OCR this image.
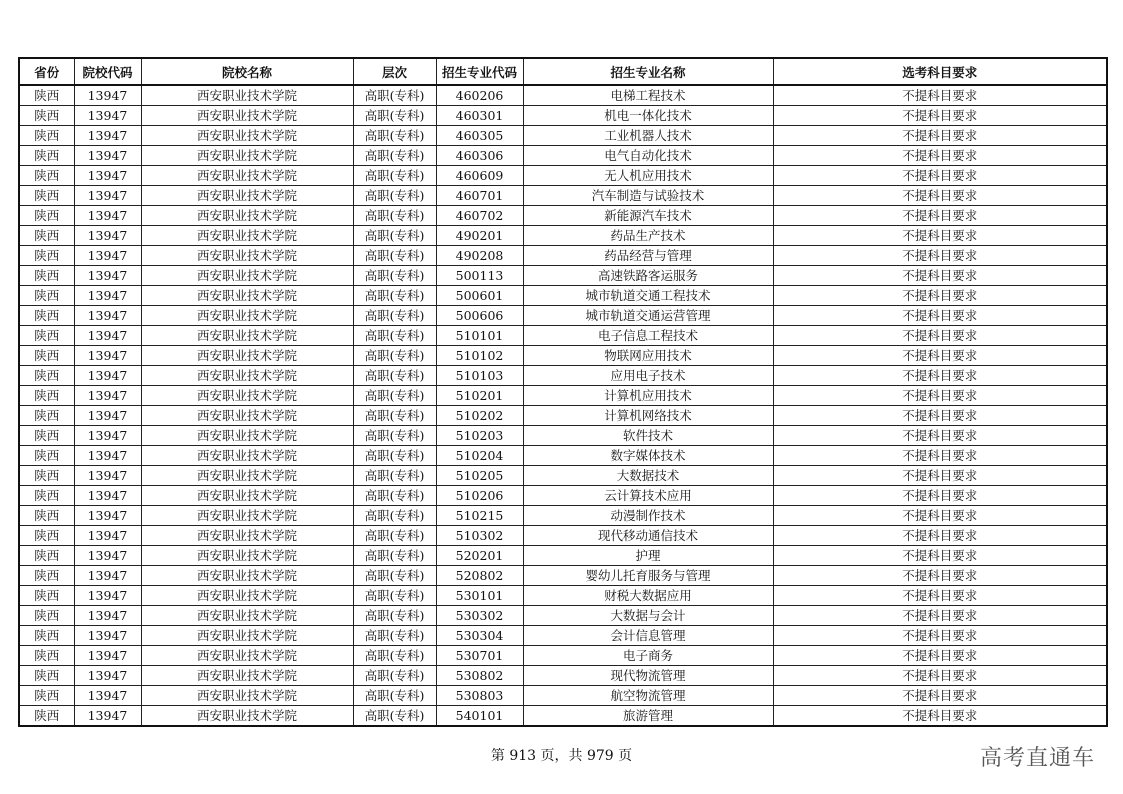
省份	院校代码	院校名称	层次	招生专业代码	招生专业名称	选考科目要求
陕西	13947	西安职业技术学院	高职(专科)	460206	电梯工程技术	不提科目要求
陕西	13947	西安职业技术学院	高职(专科)	460301	机电一体化技术	不提科目要求
陕西	13947	西安职业技术学院	高职(专科)	460305	工业机器人技术	不提科目要求
陕西	13947	西安职业技术学院	高职(专科)	460306	电气自动化技术	不提科目要求
陕西	13947	西安职业技术学院	高职(专科)	460609	无人机应用技术	不提科目要求
陕西	13947	西安职业技术学院	高职(专科)	460701	汽车制造与试验技术	不提科目要求
陕西	13947	西安职业技术学院	高职(专科)	460702	新能源汽车技术	不提科目要求
陕西	13947	西安职业技术学院	高职(专科)	490201	药品生产技术	不提科目要求
陕西	13947	西安职业技术学院	高职(专科)	490208	药品经营与管理	不提科目要求
陕西	13947	西安职业技术学院	高职(专科)	500113	高速铁路客运服务	不提科目要求
陕西	13947	西安职业技术学院	高职(专科)	500601	城市轨道交通工程技术	不提科目要求
陕西	13947	西安职业技术学院	高职(专科)	500606	城市轨道交通运营管理	不提科目要求
陕西	13947	西安职业技术学院	高职(专科)	510101	电子信息工程技术	不提科目要求
陕西	13947	西安职业技术学院	高职(专科)	510102	物联网应用技术	不提科目要求
陕西	13947	西安职业技术学院	高职(专科)	510103	应用电子技术	不提科目要求
陕西	13947	西安职业技术学院	高职(专科)	510201	计算机应用技术	不提科目要求
陕西	13947	西安职业技术学院	高职(专科)	510202	计算机网络技术	不提科目要求
陕西	13947	西安职业技术学院	高职(专科)	510203	软件技术	不提科目要求
陕西	13947	西安职业技术学院	高职(专科)	510204	数字媒体技术	不提科目要求
陕西	13947	西安职业技术学院	高职(专科)	510205	大数据技术	不提科目要求
陕西	13947	西安职业技术学院	高职(专科)	510206	云计算技术应用	不提科目要求
陕西	13947	西安职业技术学院	高职(专科)	510215	动漫制作技术	不提科目要求
陕西	13947	西安职业技术学院	高职(专科)	510302	现代移动通信技术	不提科目要求
陕西	13947	西安职业技术学院	高职(专科)	520201	护理	不提科目要求
陕西	13947	西安职业技术学院	高职(专科)	520802	婴幼儿托育服务与管理	不提科目要求
陕西	13947	西安职业技术学院	高职(专科)	530101	财税大数据应用	不提科目要求
陕西	13947	西安职业技术学院	高职(专科)	530302	大数据与会计	不提科目要求
陕西	13947	西安职业技术学院	高职(专科)	530304	会计信息管理	不提科目要求
陕西	13947	西安职业技术学院	高职(专科)	530701	电子商务	不提科目要求
陕西	13947	西安职业技术学院	高职(专科)	530802	现代物流管理	不提科目要求
陕西	13947	西安职业技术学院	高职(专科)	530803	航空物流管理	不提科目要求
陕西	13947	西安职业技术学院	高职(专科)	540101	旅游管理	不提科目要求
第 913 页，共 979 页	高考直通车
